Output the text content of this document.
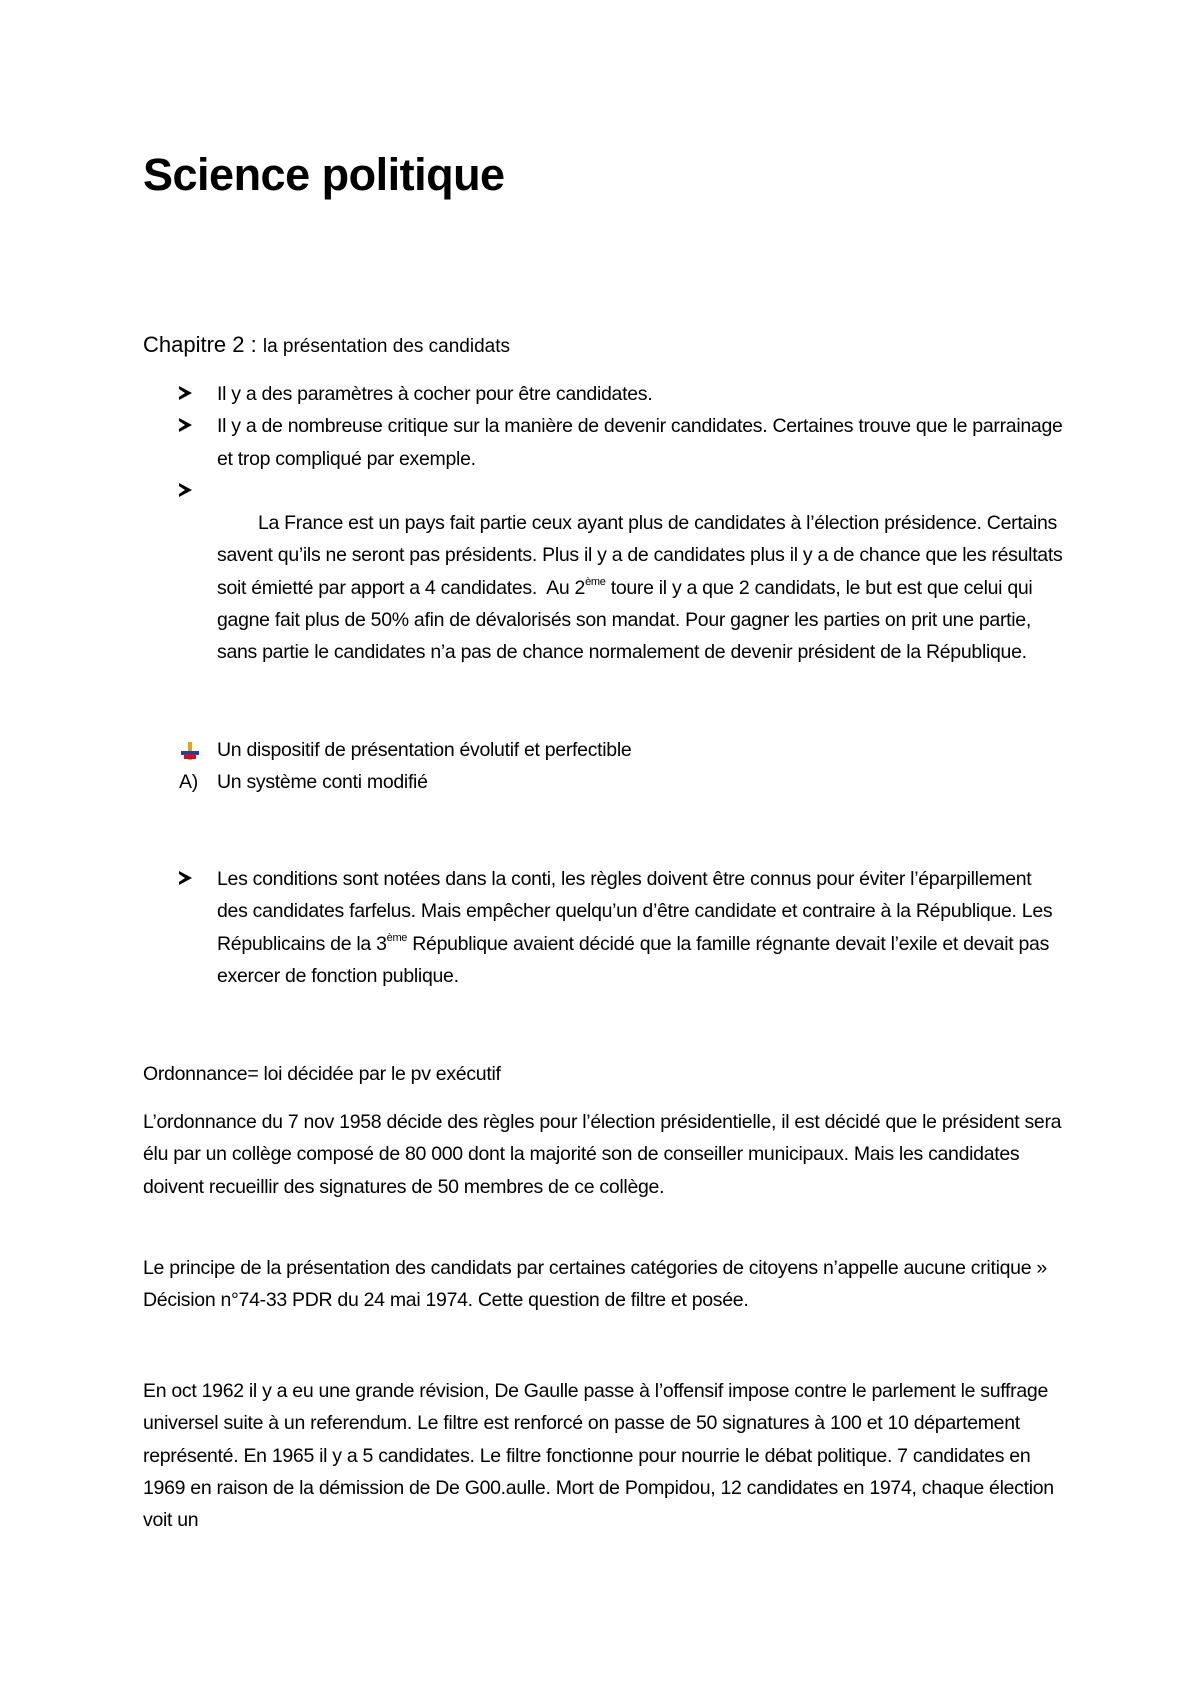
Science politique

Chapitre 2 : la présentation des candidats

Il y a des paramètres à cocher pour être candidates.

Il y a de nombreuse critique sur la manière de devenir candidates. Certaines trouve que le parrainage et trop compliqué par exemple.

La France est un pays fait partie ceux ayant plus de candidates à l’élection présidence. Certains savent qu’ils ne seront pas présidents. Plus il y a de candidates plus il y a de chance que les résultats soit émietté par apport a 4 candidates.  Au 2ème toure il y a que 2 candidats, le but est que celui qui gagne fait plus de 50% afin de dévalorisés son mandat. Pour gagner les parties on prit une partie, sans partie le candidates n’a pas de chance normalement de devenir président de la République.

Un dispositif de présentation évolutif et perfectible

A) Un système conti modifié

Les conditions sont notées dans la conti, les règles doivent être connus pour éviter l’éparpillement des candidates farfelus. Mais empêcher quelqu’un d’être candidate et contraire à la République. Les Républicains de la 3ème République avaient décidé que la famille régnante devait l’exile et devait pas exercer de fonction publique.

Ordonnance= loi décidée par le pv exécutif

L’ordonnance du 7 nov 1958 décide des règles pour l’élection présidentielle, il est décidé que le président sera élu par un collège composé de 80 000 dont la majorité son de conseiller municipaux. Mais les candidates doivent recueillir des signatures de 50 membres de ce collège.

Le principe de la présentation des candidats par certaines catégories de citoyens n’appelle aucune critique » Décision n°74-33 PDR du 24 mai 1974. Cette question de filtre et posée.

En oct 1962 il y a eu une grande révision, De Gaulle passe à l’offensif impose contre le parlement le suffrage universel suite à un referendum. Le filtre est renforcé on passe de 50 signatures à 100 et 10 département représenté. En 1965 il y a 5 candidates. Le filtre fonctionne pour nourrie le débat politique. 7 candidates en 1969 en raison de la démission de De G00.aulle. Mort de Pompidou, 12 candidates en 1974, chaque élection voit un
